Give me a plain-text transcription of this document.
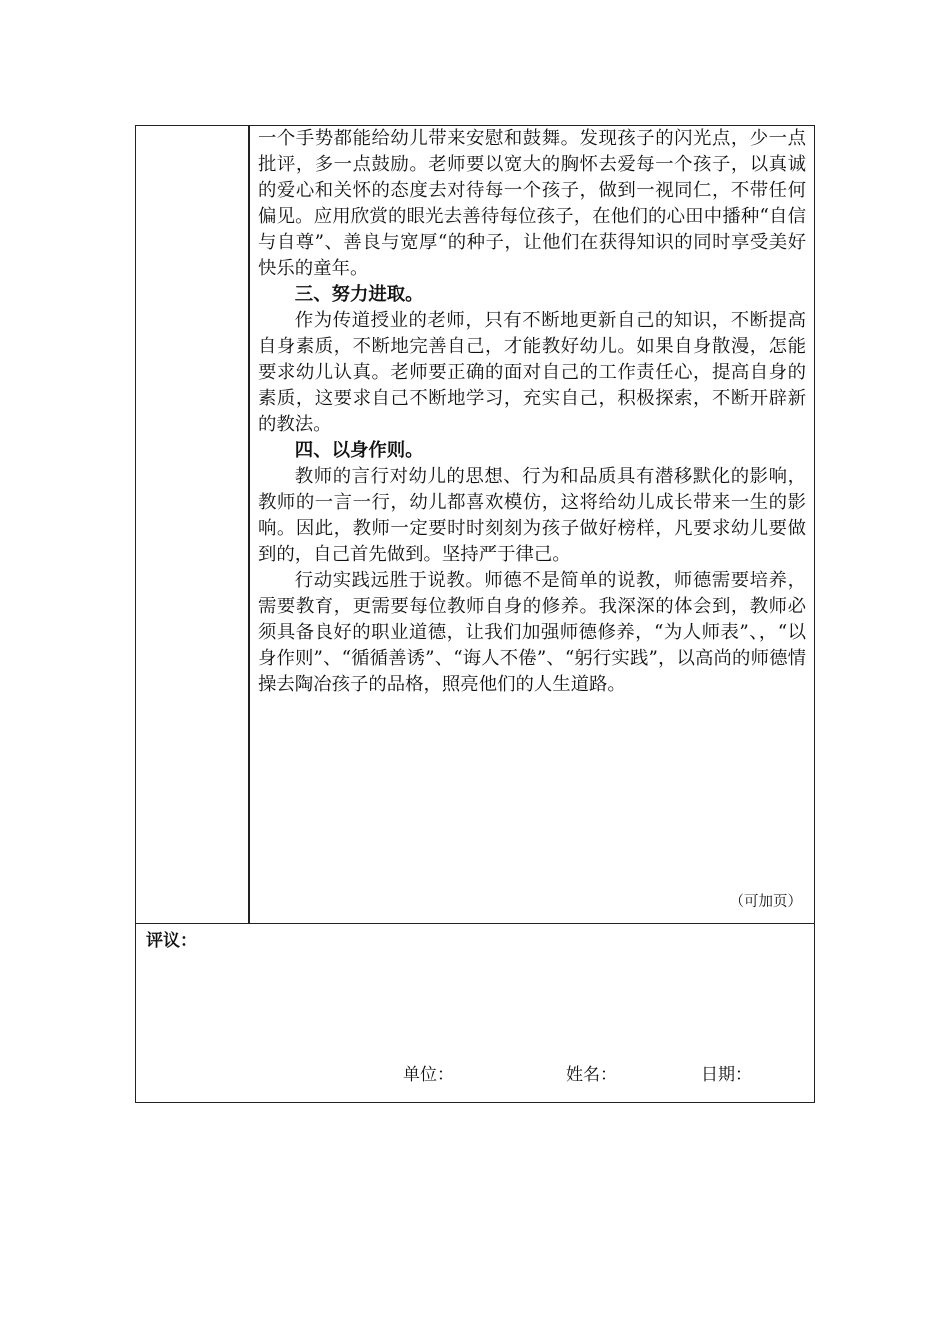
一个手势都能给幼儿带来安慰和鼓舞。发现孩子的闪光点，少一点批评，多一点鼓励。老师要以宽大的胸怀去爱每一个孩子，以真诚的爱心和关怀的态度去对待每一个孩子，做到一视同仁，不带任何偏见。应用欣赏的眼光去善待每位孩子，在他们的心田中播种“自信与自尊”、善良与宽厚“的种子，让他们在获得知识的同时享受美好快乐的童年。

三、努力进取。

作为传道授业的老师，只有不断地更新自己的知识，不断提高自身素质，不断地完善自己，才能教好幼儿。如果自身散漫，怎能要求幼儿认真。老师要正确的面对自己的工作责任心，提高自身的素质，这要求自己不断地学习，充实自己，积极探索，不断开辟新的教法。

四、以身作则。

教师的言行对幼儿的思想、行为和品质具有潜移默化的影响，教师的一言一行，幼儿都喜欢模仿，这将给幼儿成长带来一生的影响。因此，教师一定要时时刻刻为孩子做好榜样，凡要求幼儿要做到的，自己首先做到。坚持严于律己。

行动实践远胜于说教。师德不是简单的说教，师德需要培养，需要教育，更需要每位教师自身的修养。我深深的体会到，教师必须具备良好的职业道德，让我们加强师德修养，“为人师表”、，“以身作则”、“循循善诱”、“诲人不倦”、“躬行实践”，以高尚的师德情操去陶冶孩子的品格，照亮他们的人生道路。

（可加页）
评议：
单位：	姓名：	日期：
